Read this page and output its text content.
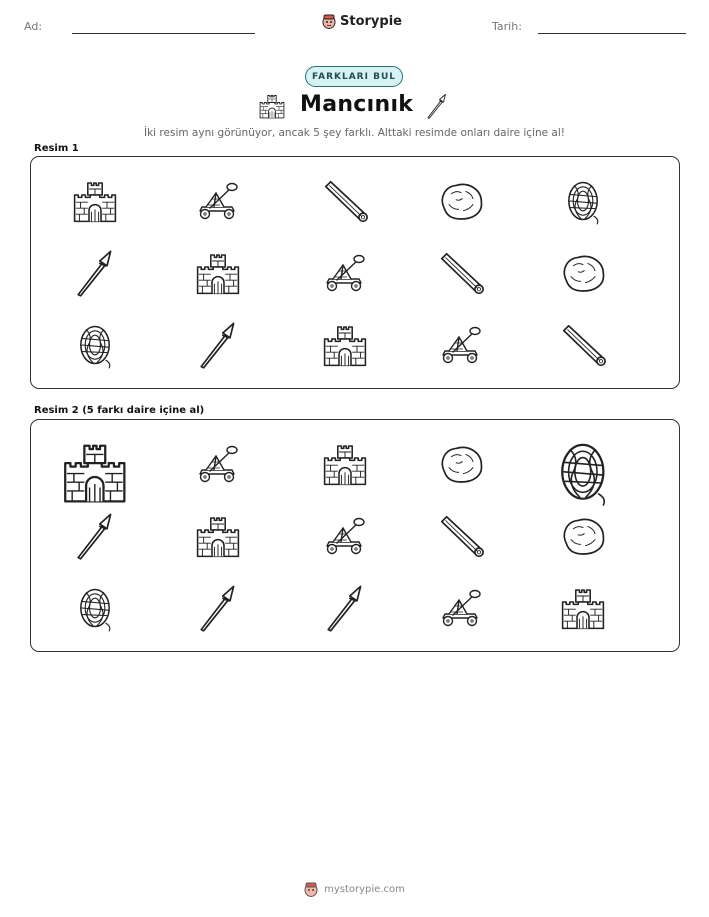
Ad:	Storypie	Tarih:
FARKLARI BUL
Mancınık
İki resim aynı görünüyor, ancak 5 şey farklı. Alttaki resimde onları daire içine al!
Resim 1
Resim 2 (5 farkı daire içine al)
mystorypie.com
